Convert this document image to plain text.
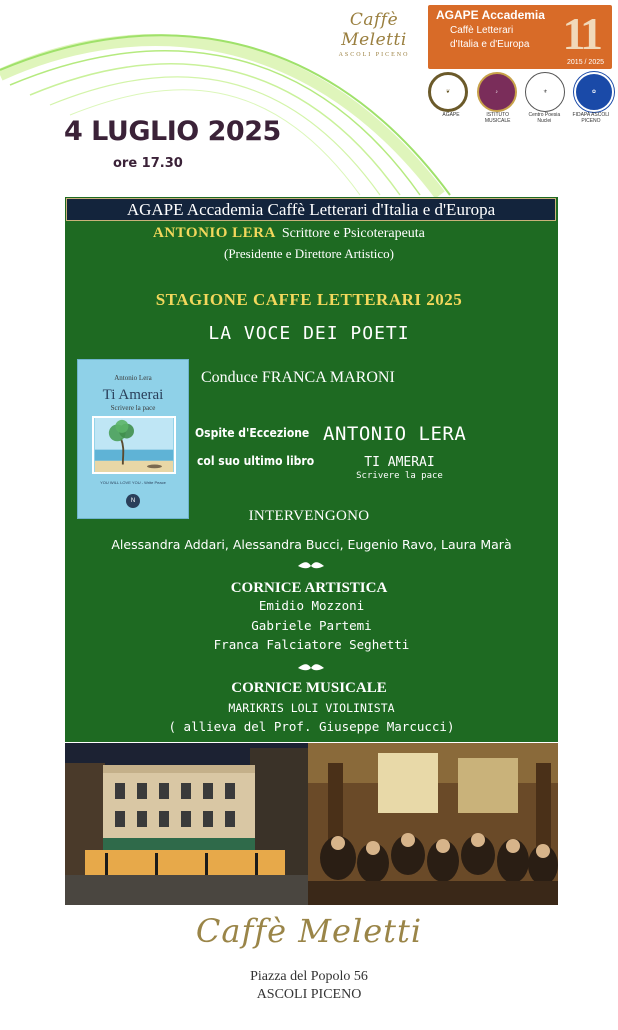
Caffè Meletti
ASCOLI PICENO
AGAPE Accademia
Caffè Letterari
d'Italia e d'Europa 11
2015 / 2025
❦	♪	⚜	✿
AGAPE	ISTITUTO MUSICALE
Centro Poesia Nuclei
FIDAPA ASCOLI PICENO
4 LUGLIO 2025
ore 17.30
AGAPE Accademia Caffè Letterari d'Italia e d'Europa
ANTONIO LERA Scrittore e Psicoterapeuta
(Presidente e Direttore Artistico)
STAGIONE CAFFE LETTERARI 2025
LA VOCE DEI POETI
Antonio Lera
Ti Amerai
Scrivere la pace
YOU WILL LOVE YOU - Write Peace
N
Conduce FRANCA MARONI
Ospite d'Eccezione
col suo ultimo libro
ANTONIO LERA
TI AMERAI
Scrivere la pace
INTERVENGONO
Alessandra Addari, Alessandra Bucci, Eugenio Ravo, Laura Marà
CORNICE ARTISTICA
Emidio Mozzoni
Gabriele Partemi
Franca Falciatore Seghetti
CORNICE MUSICALE
MARIKRIS LOLI VIOLINISTA
( allieva del Prof. Giuseppe Marcucci)
Caffè Meletti
Piazza del Popolo 56
ASCOLI PICENO
